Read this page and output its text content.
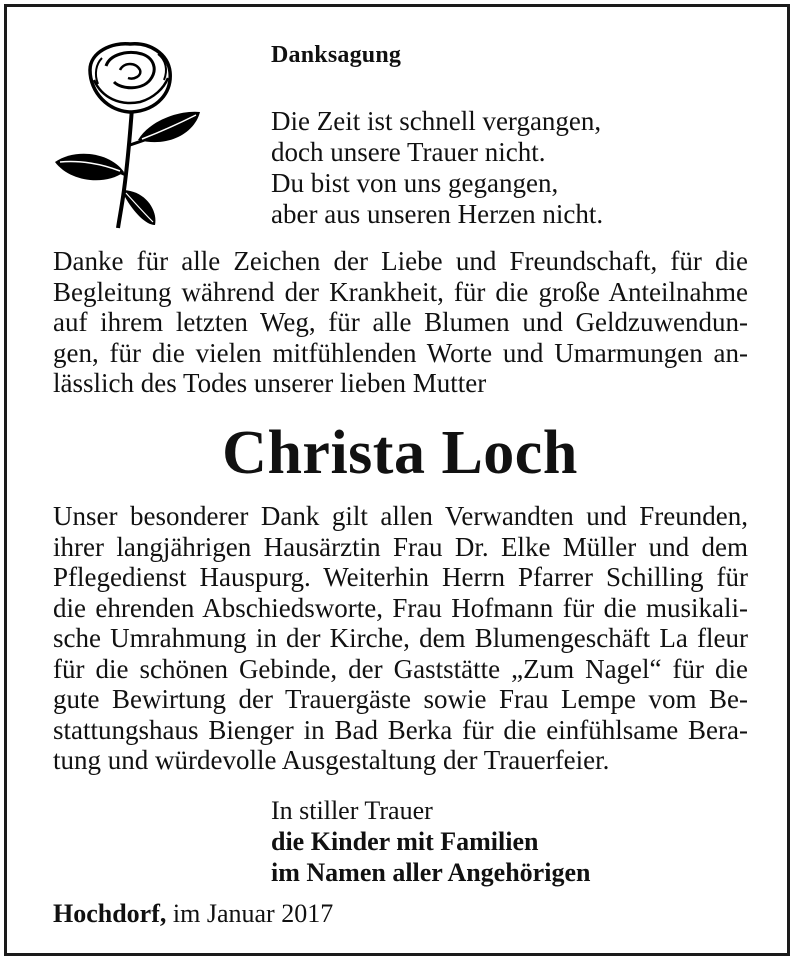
Danksagung
Die Zeit ist schnell vergangen,
doch unsere Trauer nicht.
Du bist von uns gegangen,
aber aus unseren Herzen nicht.
Danke für alle Zeichen der Liebe und Freundschaft, für die
Begleitung während der Krankheit, für die große Anteilnahme
auf ihrem letzten Weg, für alle Blumen und Geldzuwendun-
gen, für die vielen mitfühlenden Worte und Umarmungen an-
lässlich des Todes unserer lieben Mutter
Christa Loch
Unser besonderer Dank gilt allen Verwandten und Freunden,
ihrer langjährigen Hausärztin Frau Dr. Elke Müller und dem
Pflegedienst Hauspurg. Weiterhin Herrn Pfarrer Schilling für
die ehrenden Abschiedsworte, Frau Hofmann für die musikali-
sche Umrahmung in der Kirche, dem Blumengeschäft La fleur
für die schönen Gebinde, der Gaststätte „Zum Nagel“ für die
gute Bewirtung der Trauergäste sowie Frau Lempe vom Be-
stattungshaus Bienger in Bad Berka für die einfühlsame Bera-
tung und würdevolle Ausgestaltung der Trauerfeier.
In stiller Trauer
die Kinder mit Familien
im Namen aller Angehörigen
Hochdorf, im Januar 2017
